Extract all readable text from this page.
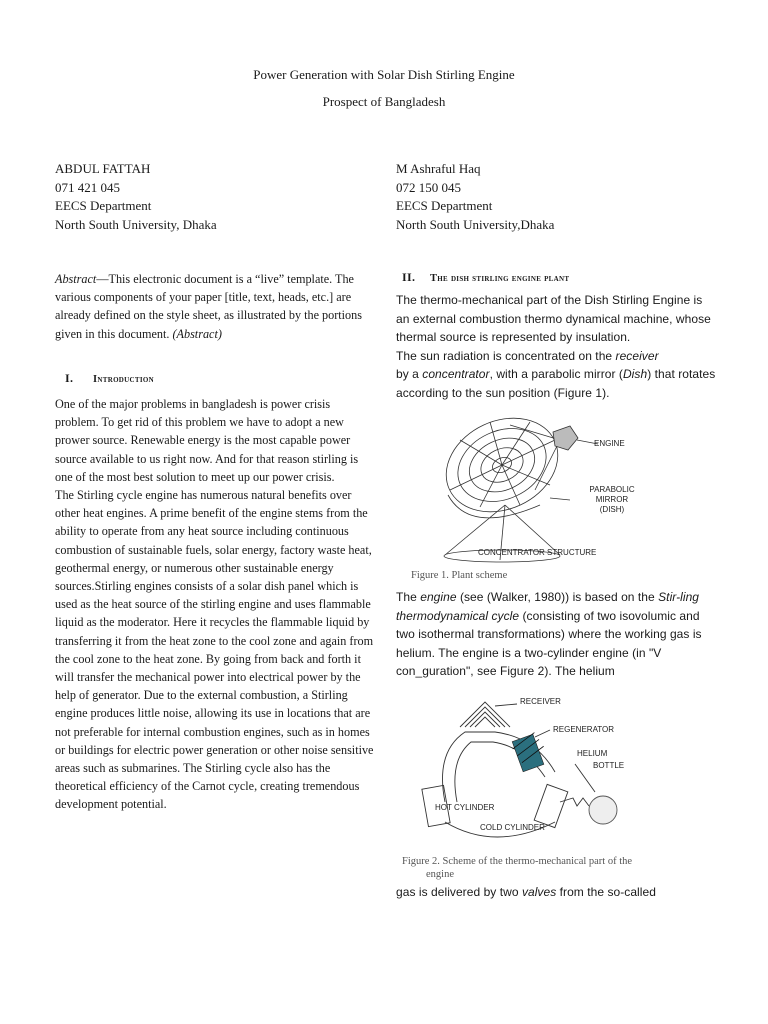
Power Generation with Solar Dish Stirling Engine
Prospect of Bangladesh
ABDUL FATTAH
071 421 045
EECS Department
North South University, Dhaka
M Ashraful Haq
072 150 045
EECS Department
North South University,Dhaka

Abstract—This electronic document is a “live” template. The various components of your paper [title, text, heads, etc.] are already defined on the style sheet, as illustrated by the portions given in this document. (Abstract)

I. Introduction

One of the major problems in bangladesh is power crisis problem. To get rid of this problem we have to adopt a new prower source. Renewable energy is the most capable power source available to us right now. And for that reason stirling is one of the most best solution to meet up our power crisis.

The Stirling cycle engine has numerous natural benefits over other heat engines. A prime benefit of the engine stems from the ability to operate from any heat source including continuous combustion of sustainable fuels, solar energy, factory waste heat, geothermal energy, or numerous other sustainable energy sources.Stirling engines consists of a solar dish panel which is used as the heat source of the stirling engine and uses flammable liquid as the moderator. Here it recycles the flammable liquid by transferring it from the heat zone to the cool zone and again from the cool zone to the heat zone. By going from back and forth it will transfer the mechanical power into electrical power by the help of generator. Due to the external combustion, a Stirling engine produces little noise, allowing its use in locations that are not preferable for internal combustion engines, such as in homes or buildings for electric power generation or other noise sensitive areas such as submarines. The Stirling cycle also has the theoretical efficiency of the Carnot cycle, creating tremendous development potential.

II. The dish stirling engine plant
The thermo-mechanical part of the Dish Stirling Engine is an external combustion thermo dynamical machine, whose thermal source is represented by insulation.
The sun radiation is concentrated on the receiver
by a concentrator, with a parabolic mirror (Dish) that rotates according to the sun position (Figure 1).
ENGINE
PARABOLIC
MIRROR
(DISH)
CONCENTRATOR STRUCTURE
Figure 1. Plant scheme
The engine (see (Walker, 1980)) is based on the Stir-ling thermodynamical cycle (consisting of two isovolumic and two isothermal transformations) where the working gas is helium. The engine is a two-cylinder engine (in "V con_guration", see Figure 2). The helium
RECEIVER
REGENERATOR
HELIUM
BOTTLE
HOT CYLINDER
COLD CYLINDER
Figure 2. Scheme of the thermo-mechanical part of the
engine
gas is delivered by two valves from the so-called
